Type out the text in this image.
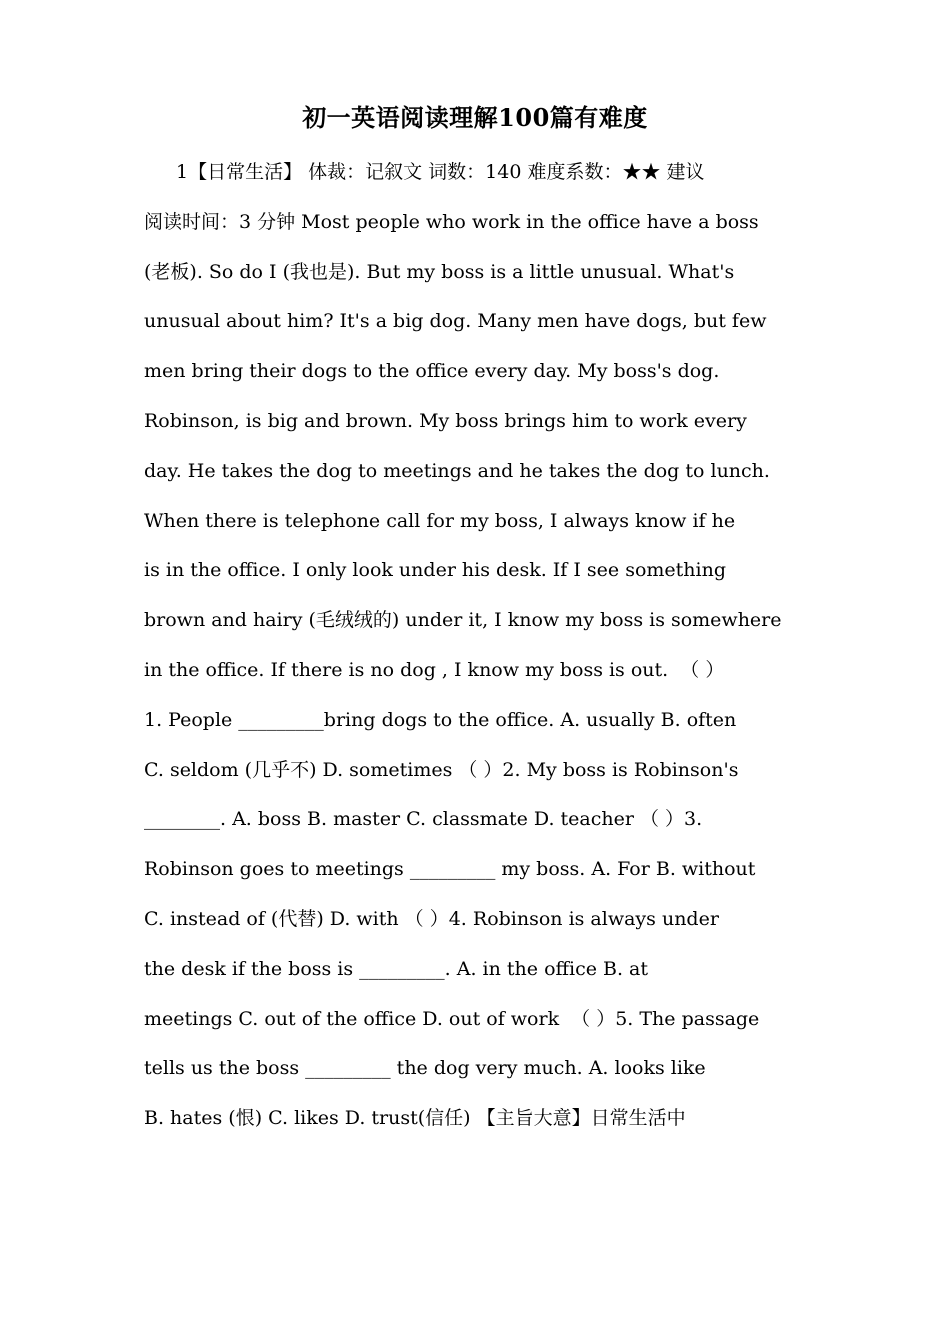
初一英语阅读理解100篇有难度
1【日常生活】 体裁：记叙文 词数：140 难度系数：★★ 建议
阅读时间：3 分钟 Most people who work in the office have a boss
(老板). So do I (我也是). But my boss is a little unusual. What's
unusual about him? It's a big dog. Many men have dogs, but few
men bring their dogs to the office every day. My boss's dog.
Robinson, is big and brown. My boss brings him to work every
day. He takes the dog to meetings and he takes the dog to lunch.
When there is telephone call for my boss, I always know if he
is in the office. I only look under his desk. If I see something
brown and hairy (毛绒绒的) under it, I know my boss is somewhere
in the office. If there is no dog , I know my boss is out.  （ ）
1. People _________bring dogs to the office. A. usually B. often
C. seldom (几乎不) D. sometimes （ ）2. My boss is Robinson's
________. A. boss B. master C. classmate D. teacher （ ）3.
Robinson goes to meetings _________ my boss. A. For B. without
C. instead of (代替) D. with （ ）4. Robinson is always under
the desk if the boss is _________. A. in the office B. at
meetings C. out of the office D. out of work  （ ）5. The passage
tells us the boss _________ the dog very much. A. looks like
B. hates (恨) C. likes D. trust(信任) 【主旨大意】日常生活中
